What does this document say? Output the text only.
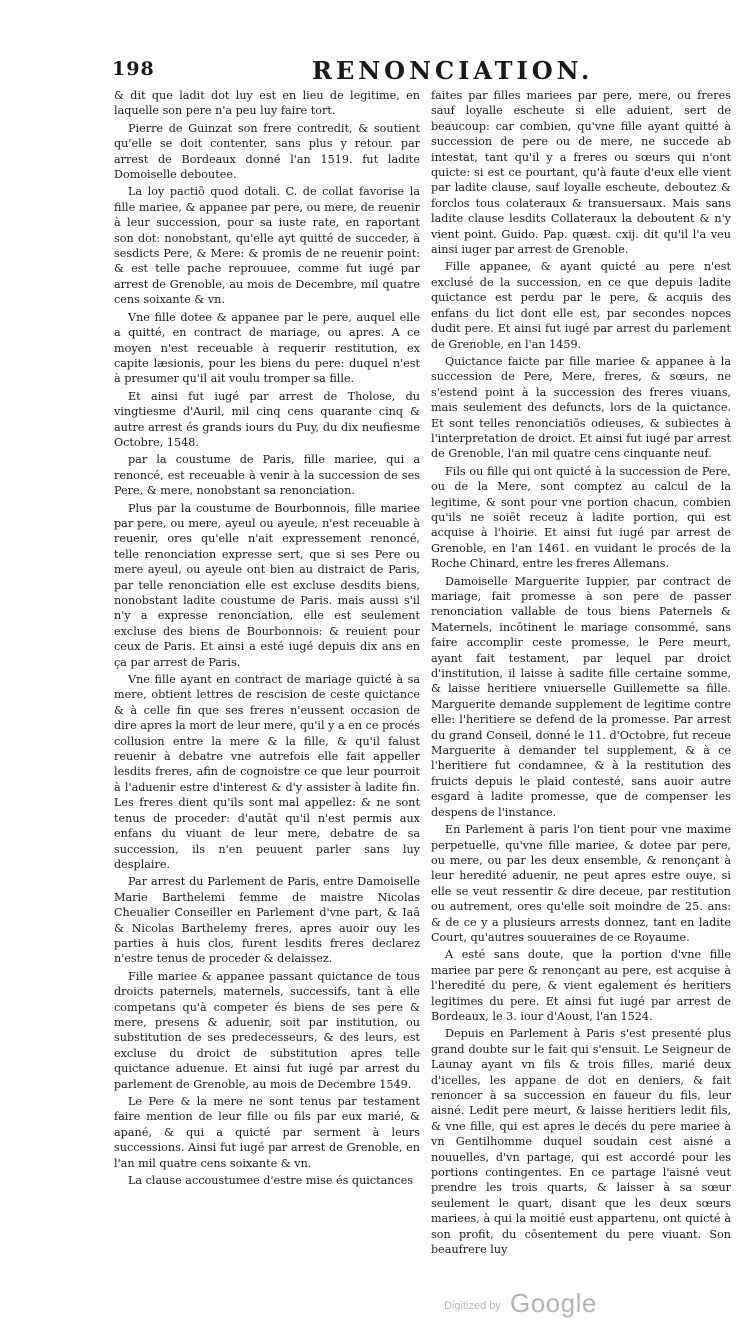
198	RENONCIATION.

& dit que ladit dot luy est en lieu de legitime, en laquelle son pere n'a peu luy faire tort.

Pierre de Guinzat son frere contredit, & soutient qu'elle se doit contenter, sans plus y retour. par arrest de Bordeaux donné l'an 1519. fut ladite Domoiselle deboutee.

La loy pactiō quod dotali. C. de collat favorise la fille mariee, & appanee par pere, ou mere, de reuenir à leur succession, pour sa iuste rate, en raportant son dot: nonobstant, qu'elle ayt quitté de succeder, à sesdicts Pere, & Mere: & promis de ne reuenir point: & est telle pache reprouuee, comme fut iugé par arrest de Grenoble, au mois de Decembre, mil quatre cens soixante & vn.

Vne fille dotee & appanee par le pere, auquel elle a quitté, en contract de mariage, ou apres. A ce moyen n'est receuable à requerir restitution, ex capite læsionis, pour les biens du pere: duquel n'est à presumer qu'il ait voulu tromper sa fille.

Et ainsi fut iugé par arrest de Tholose, du vingtiesme d'Auril, mil cinq cens quarante cinq & autre arrest és grands iours du Puy, du dix neufiesme Octobre, 1548.

par la coustume de Paris, fille mariee, qui a renoncé, est receuable à venir à la succession de ses Pere, & mere, nonobstant sa renonciation.

Plus par la coustume de Bourbonnois, fille mariee par pere, ou mere, ayeul ou ayeule, n'est receuable à reuenir, ores qu'elle n'ait expressement renoncé, telle renonciation expresse sert, que si ses Pere ou mere ayeul, ou ayeule ont bien au distraict de Paris, par telle renonciation elle est excluse desdits biens, nonobstant ladite coustume de Paris. mais aussi s'il n'y a expresse renonciation, elle est seulement excluse des biens de Bourbonnois: & reuient pour ceux de Paris. Et ainsi a esté iugé depuis dix ans en ça par arrest de Paris.

Vne fille ayant en contract de mariage quicté à sa mere, obtient lettres de rescision de ceste quictance & à celle fin que ses freres n'eussent occasion de dire apres la mort de leur mere, qu'il y a en ce procés collusion entre la mere & la fille, & qu'il falust reuenir à debatre vne autrefois elle fait appeller lesdits freres, afin de cognoistre ce que leur pourroit à l'aduenir estre d'interest & d'y assister à ladite fin. Les freres dient qu'ils sont mal appellez: & ne sont tenus de proceder: d'autāt qu'il n'est permis aux enfans du viuant de leur mere, debatre de sa succession, ils n'en peuuent parler sans luy desplaire.

Par arrest du Parlement de Paris, entre Damoiselle Marie Barthelemi femme de maistre Nicolas Cheualier Conseiller en Parlement d'vne part, & Iaā & Nicolas Barthelemy freres, apres auoir ouy les parties à huis clos, furent lesdits freres declarez n'estre tenus de proceder & delaissez.

Fille mariee & appanee passant quictance de tous droicts paternels, maternels, successifs, tant à elle competans qu'à competer és biens de ses pere & mere, presens & aduenir, soit par institution, ou substitution de ses predecesseurs, & des leurs, est excluse du droict de substitution apres telle quictance aduenue. Et ainsi fut iugé par arrest du parlement de Grenoble, au mois de Decembre 1549.

Le Pere & la mere ne sont tenus par testament faire mention de leur fille ou fils par eux marié, & apané, & qui a quicté par serment à leurs successions. Ainsi fut iugé par arrest de Grenoble, en l'an mil quatre cens soixante & vn.

La clause accoustumee d'estre mise és quictances

faites par filles mariees par pere, mere, ou freres sauf loyalle escheute si elle aduient, sert de beaucoup: car combien, qu'vne fille ayant quitté à succession de pere ou de mere, ne succede ab intestat, tant qu'il y a freres ou sœurs qui n'ont quicte: si est ce pourtant, qu'à faute d'eux elle vient par ladite clause, sauf loyalle escheute, deboutez & forclos tous colateraux & transuersaux. Mais sans ladite clause lesdits Collateraux la deboutent & n'y vient point. Guido. Pap. quæst. cxij. dit qu'il l'a veu ainsi iuger par arrest de Grenoble.

Fille appanee, & ayant quicté au pere n'est exclusé de la succession, en ce que depuis ladite quictance est perdu par le pere, & acquis des enfans du lict dont elle est, par secondes nopces dudit pere. Et ainsi fut iugé par arrest du parlement de Grenoble, en l'an 1459.

Quictance faicte par fille mariee & appanee à la succession de Pere, Mere, freres, & sœurs, ne s'estend point à la succession des freres viuans, mais seulement des defuncts, lors de la quictance. Et sont telles renonciatiōs odieuses, & subiectes à l'interpretation de droict. Et ainsi fut iugé par arrest de Grenoble, l'an mil quatre cens cinquante neuf.

Fils ou fille qui ont quicté à la succession de Pere, ou de la Mere, sont comptez au calcul de la legitime, & sont pour vne portion chacun, combien qu'ils ne soiēt receuz à ladite portion, qui est acquise à l'hoirie. Et ainsi fut iugé par arrest de Grenoble, en l'an 1461. en vuidant le procés de la Roche Chinard, entre les freres Allemans.

Damoiselle Marguerite Iuppier, par contract de mariage, fait promesse à son pere de passer renonciation vallable de tous biens Paternels & Maternels, incōtinent le mariage consommé, sans faire accomplir ceste promesse, le Pere meurt, ayant fait testament, par lequel par droict d'institution, il laisse à sadite fille certaine somme, & laisse heritiere vniuerselle Guillemette sa fille. Marguerite demande supplement de legitime contre elle: l'heritiere se defend de la promesse. Par arrest du grand Conseil, donné le 11. d'Octobre, fut receue Marguerite à demander tel supplement, & à ce l'heritiere fut condamnee, & à la restitution des fruicts depuis le plaid contesté, sans auoir autre esgard à ladite promesse, que de compenser les despens de l'instance.

En Parlement à paris l'on tient pour vne maxime perpetuelle, qu'vne fille mariee, & dotee par pere, ou mere, ou par les deux ensemble, & renonçant à leur heredité aduenir, ne peut apres estre ouye, si elle se veut ressentir & dire deceue, par restitution ou autrement, ores qu'elle soit moindre de 25. ans: & de ce y a plusieurs arrests donnez, tant en ladite Court, qu'autres souueraines de ce Royaume.

A esté sans doute, que la portion d'vne fille mariee par pere & renonçant au pere, est acquise à l'heredité du pere, & vient egalement és heritiers legitimes du pere. Et ainsi fut iugé par arrest de Bordeaux, le 3. iour d'Aoust, l'an 1524.

Depuis en Parlement à Paris s'est presenté plus grand doubte sur le fait qui s'ensuit. Le Seigneur de Launay ayant vn fils & trois filles, marié deux d'icelles, les appane de dot en deniers, & fait renoncer à sa succession en faueur du fils, leur aisné. Ledit pere meurt, & laisse heritiers ledit fils, & vne fille, qui est apres le decés du pere mariee à vn Gentilhomme duquel soudain cest aisné a nouuelles, d'vn partage, qui est accordé pour les portions contingentes. En ce partage l'aisné veut prendre les trois quarts, & laisser à sa sœur seulement le quart, disant que les deux sœurs mariees, à qui la moitié eust appartenu, ont quicté à son profit, du cōsentement du pere viuant. Son beaufrere luy

Digitized by Google
